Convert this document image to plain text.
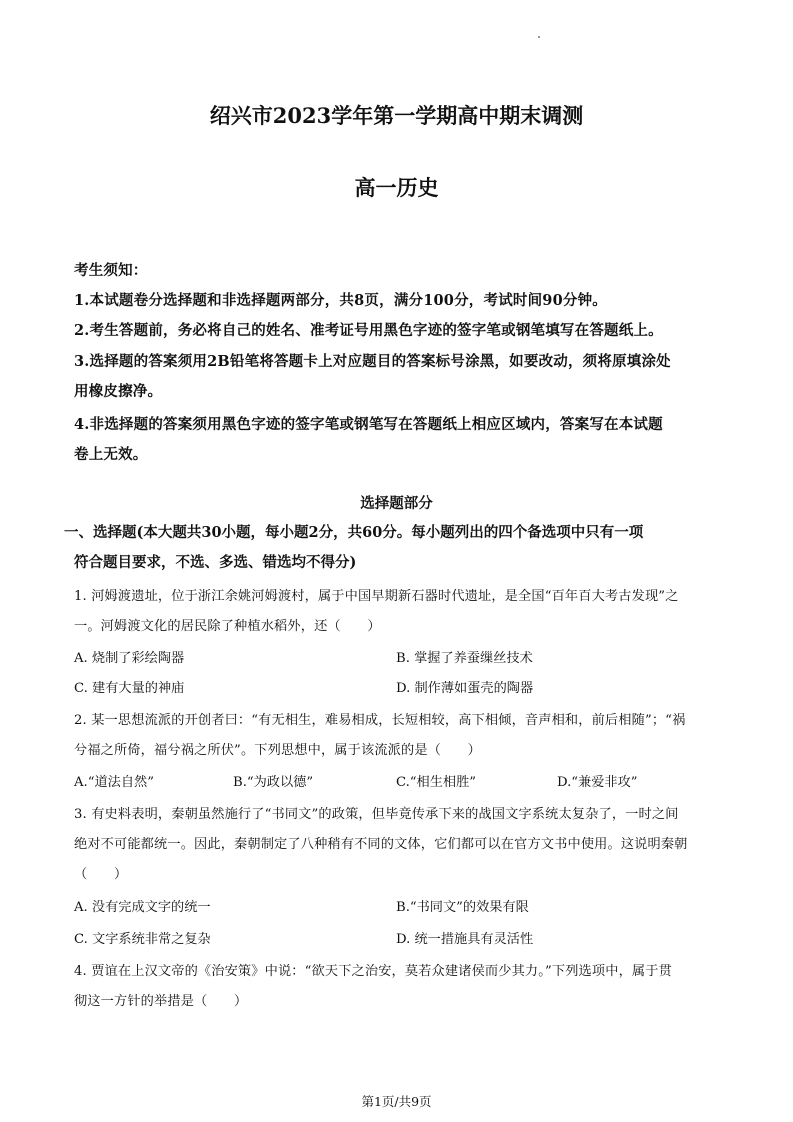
绍兴市2023学年第一学期高中期末调测
高一历史
考生须知：
1.本试题卷分选择题和非选择题两部分，共8页，满分100分，考试时间90分钟。
2.考生答题前，务必将自己的姓名、准考证号用黑色字迹的签字笔或钢笔填写在答题纸上。
3.选择题的答案须用2B铅笔将答题卡上对应题目的答案标号涂黑，如要改动，须将原填涂处
用橡皮擦净。
4.非选择题的答案须用黑色字迹的签字笔或钢笔写在答题纸上相应区域内，答案写在本试题
卷上无效。
选择题部分
一、选择题(本大题共30小题，每小题2分，共60分。每小题列出的四个备选项中只有一项
符合题目要求，不选、多选、错选均不得分)
1. 河姆渡遗址，位于浙江余姚河姆渡村，属于中国早期新石器时代遗址，是全国“百年百大考古发现”之
一。河姆渡文化的居民除了种植水稻外，还（　　）
A. 烧制了彩绘陶器	B. 掌握了养蚕缫丝技术
C. 建有大量的神庙	D. 制作薄如蛋壳的陶器
2. 某一思想流派的开创者曰：“有无相生，难易相成，长短相较，高下相倾，音声相和，前后相随”；“祸
兮福之所倚，福兮祸之所伏”。下列思想中，属于该流派的是（　　）
A.“道法自然”	B.“为政以德”	C.“相生相胜”	D.“兼爱非攻”
3. 有史料表明，秦朝虽然施行了“书同文”的政策，但毕竟传承下来的战国文字系统太复杂了，一时之间
绝对不可能都统一。因此，秦朝制定了八种稍有不同的文体，它们都可以在官方文书中使用。这说明秦朝
（　　）
A. 没有完成文字的统一	B.“书同文”的效果有限
C. 文字系统非常之复杂	D. 统一措施具有灵活性
4. 贾谊在上汉文帝的《治安策》中说：“欲天下之治安，莫若众建诸侯而少其力。”下列选项中，属于贯
彻这一方针的举措是（　　）
第1页/共9页
